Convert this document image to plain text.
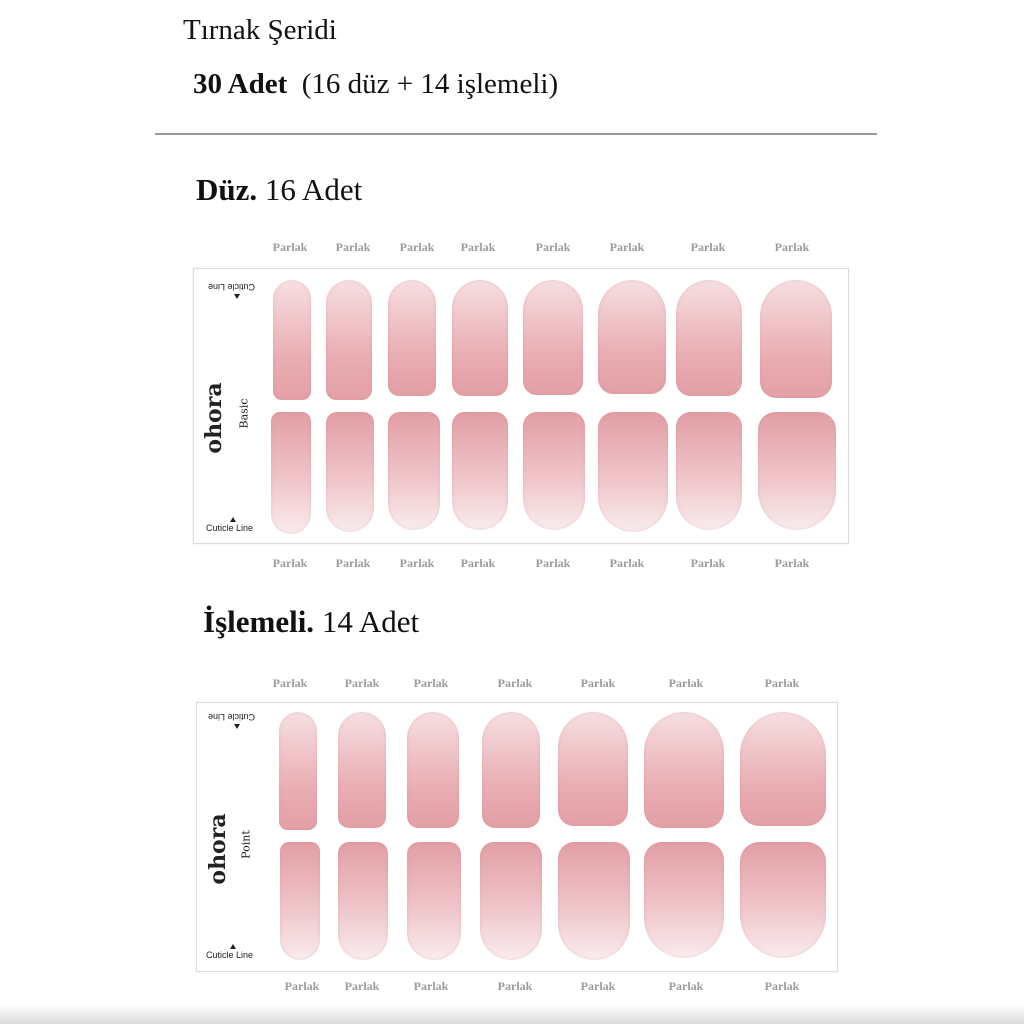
Tırnak Şeridi
30 Adet (16 düz + 14 işlemeli)
Düz. 16 Adet
Parlak Parlak Parlak Parlak	Parlak	Parlak	Parlak	Parlak
Parlak Parlak Parlak Parlak	Parlak	Parlak	Parlak	Parlak
İşlemeli. 14 Adet
Parlak	Parlak	Parlak	Parlak	Parlak	Parlak	Parlak
Parlak Parlak	Parlak	Parlak	Parlak	Parlak	Parlak
ohora Basic
Cuticle Line
Cuticle Line
ohora Point
Cuticle Line
Cuticle Line
